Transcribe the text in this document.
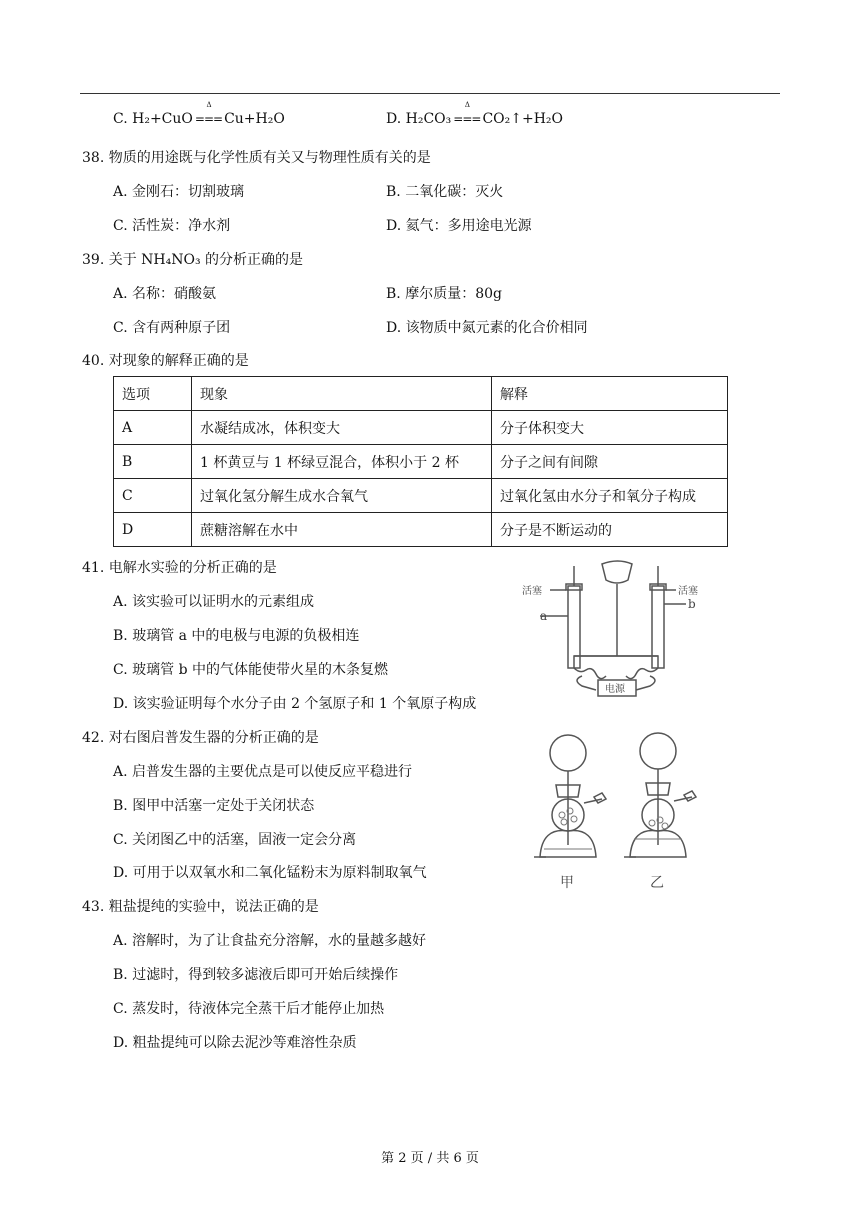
C. H₂+CuO
Δ
=== Cu+H₂O	D. H₂CO₃
Δ
=== CO₂↑+H₂O
38. 物质的用途既与化学性质有关又与物理性质有关的是
A. 金刚石：切割玻璃	B. 二氧化碳：灭火
C. 活性炭：净水剂	D. 氦气：多用途电光源
39. 关于 NH₄NO₃ 的分析正确的是
A. 名称：硝酸氨	B. 摩尔质量：80g
C. 含有两种原子团	D. 该物质中氮元素的化合价相同
40. 对现象的解释正确的是
选项	现象	解释
A	水凝结成冰，体积变大	分子体积变大
B	1 杯黄豆与 1 杯绿豆混合，体积小于 2 杯	分子之间有间隙
C	过氧化氢分解生成水合氧气	过氧化氢由水分子和氧分子构成
D	蔗糖溶解在水中	分子是不断运动的
41. 电解水实验的分析正确的是
A. 该实验可以证明水的元素组成
B. 玻璃管 a 中的电极与电源的负极相连
C. 玻璃管 b 中的气体能使带火星的木条复燃
D. 该实验证明每个水分子由 2 个氢原子和 1 个氧原子构成
活塞
a
活塞
b
电源
42. 对右图启普发生器的分析正确的是
A. 启普发生器的主要优点是可以使反应平稳进行
B. 图甲中活塞一定处于关闭状态
C. 关闭图乙中的活塞，固液一定会分离
D. 可用于以双氧水和二氧化锰粉末为原料制取氧气
甲	乙
43. 粗盐提纯的实验中，说法正确的是
A. 溶解时，为了让食盐充分溶解，水的量越多越好
B. 过滤时，得到较多滤液后即可开始后续操作
C. 蒸发时，待液体完全蒸干后才能停止加热
D. 粗盐提纯可以除去泥沙等难溶性杂质
第 2 页 / 共 6 页
